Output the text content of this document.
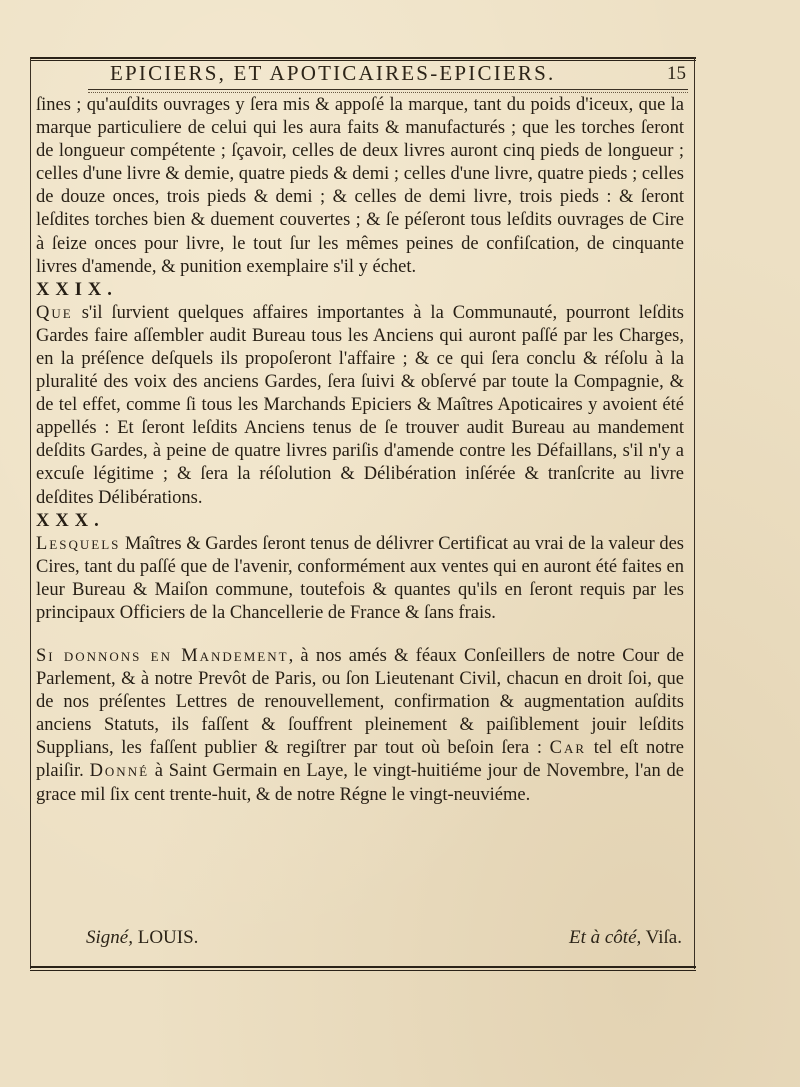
EPICIERS, ET APOTICAIRES-EPICIERS.	15

ſines ; qu'auſdits ouvrages y ſera mis & appoſé la marque, tant du poids d'iceux, que la marque particuliere de celui qui les aura faits & manufacturés ; que les torches ſeront de longueur compétente ; ſçavoir, celles de deux livres auront cinq pieds de longueur ; celles d'une livre & demie, quatre pieds & demi ; celles d'une livre, quatre pieds ; celles de douze onces, trois pieds & demi ; & celles de demi livre, trois pieds : & ſeront leſdites torches bien & duement couvertes ; & ſe péſeront tous leſdits ouvrages de Cire à ſeize onces pour livre, le tout ſur les mêmes peines de confiſcation, de cinquante livres d'amende, & punition exemplaire s'il y échet.

XXIX.

Que s'il ſurvient quelques affaires importantes à la Communauté, pourront leſdits Gardes faire aſſembler audit Bureau tous les Anciens qui auront paſſé par les Charges, en la préſence deſquels ils propoſeront l'affaire ; & ce qui ſera conclu & réſolu à la pluralité des voix des anciens Gardes, ſera ſuivi & obſervé par toute la Compagnie, & de tel effet, comme ſi tous les Marchands Epiciers & Maîtres Apoticaires y avoient été appellés : Et ſeront leſdits Anciens tenus de ſe trouver audit Bureau au mandement deſdits Gardes, à peine de quatre livres pariſis d'amende contre les Défaillans, s'il n'y a excuſe légitime ; & ſera la réſolution & Délibération inſérée & tranſcrite au livre deſdites Délibérations.

XXX.

Lesquels Maîtres & Gardes ſeront tenus de délivrer Certificat au vrai de la valeur des Cires, tant du paſſé que de l'avenir, conformément aux ventes qui en auront été faites en leur Bureau & Maiſon commune, toutefois & quantes qu'ils en ſeront requis par les principaux Officiers de la Chancellerie de France & ſans frais.

Si donnons en Mandement, à nos amés & féaux Conſeillers de notre Cour de Parlement, & à notre Prevôt de Paris, ou ſon Lieutenant Civil, chacun en droit ſoi, que de nos préſentes Lettres de renouvellement, confirmation & augmentation auſdits anciens Statuts, ils faſſent & ſouffrent pleinement & paiſiblement jouir leſdits Supplians, les faſſent publier & regiſtrer par tout où beſoin ſera : Car tel eſt notre plaiſir. Donné à Saint Germain en Laye, le vingt-huitiéme jour de Novembre, l'an de grace mil ſix cent trente-huit, & de notre Régne le vingt-neuviéme.

Signé, LOUIS.	Et à côté, Viſa.
